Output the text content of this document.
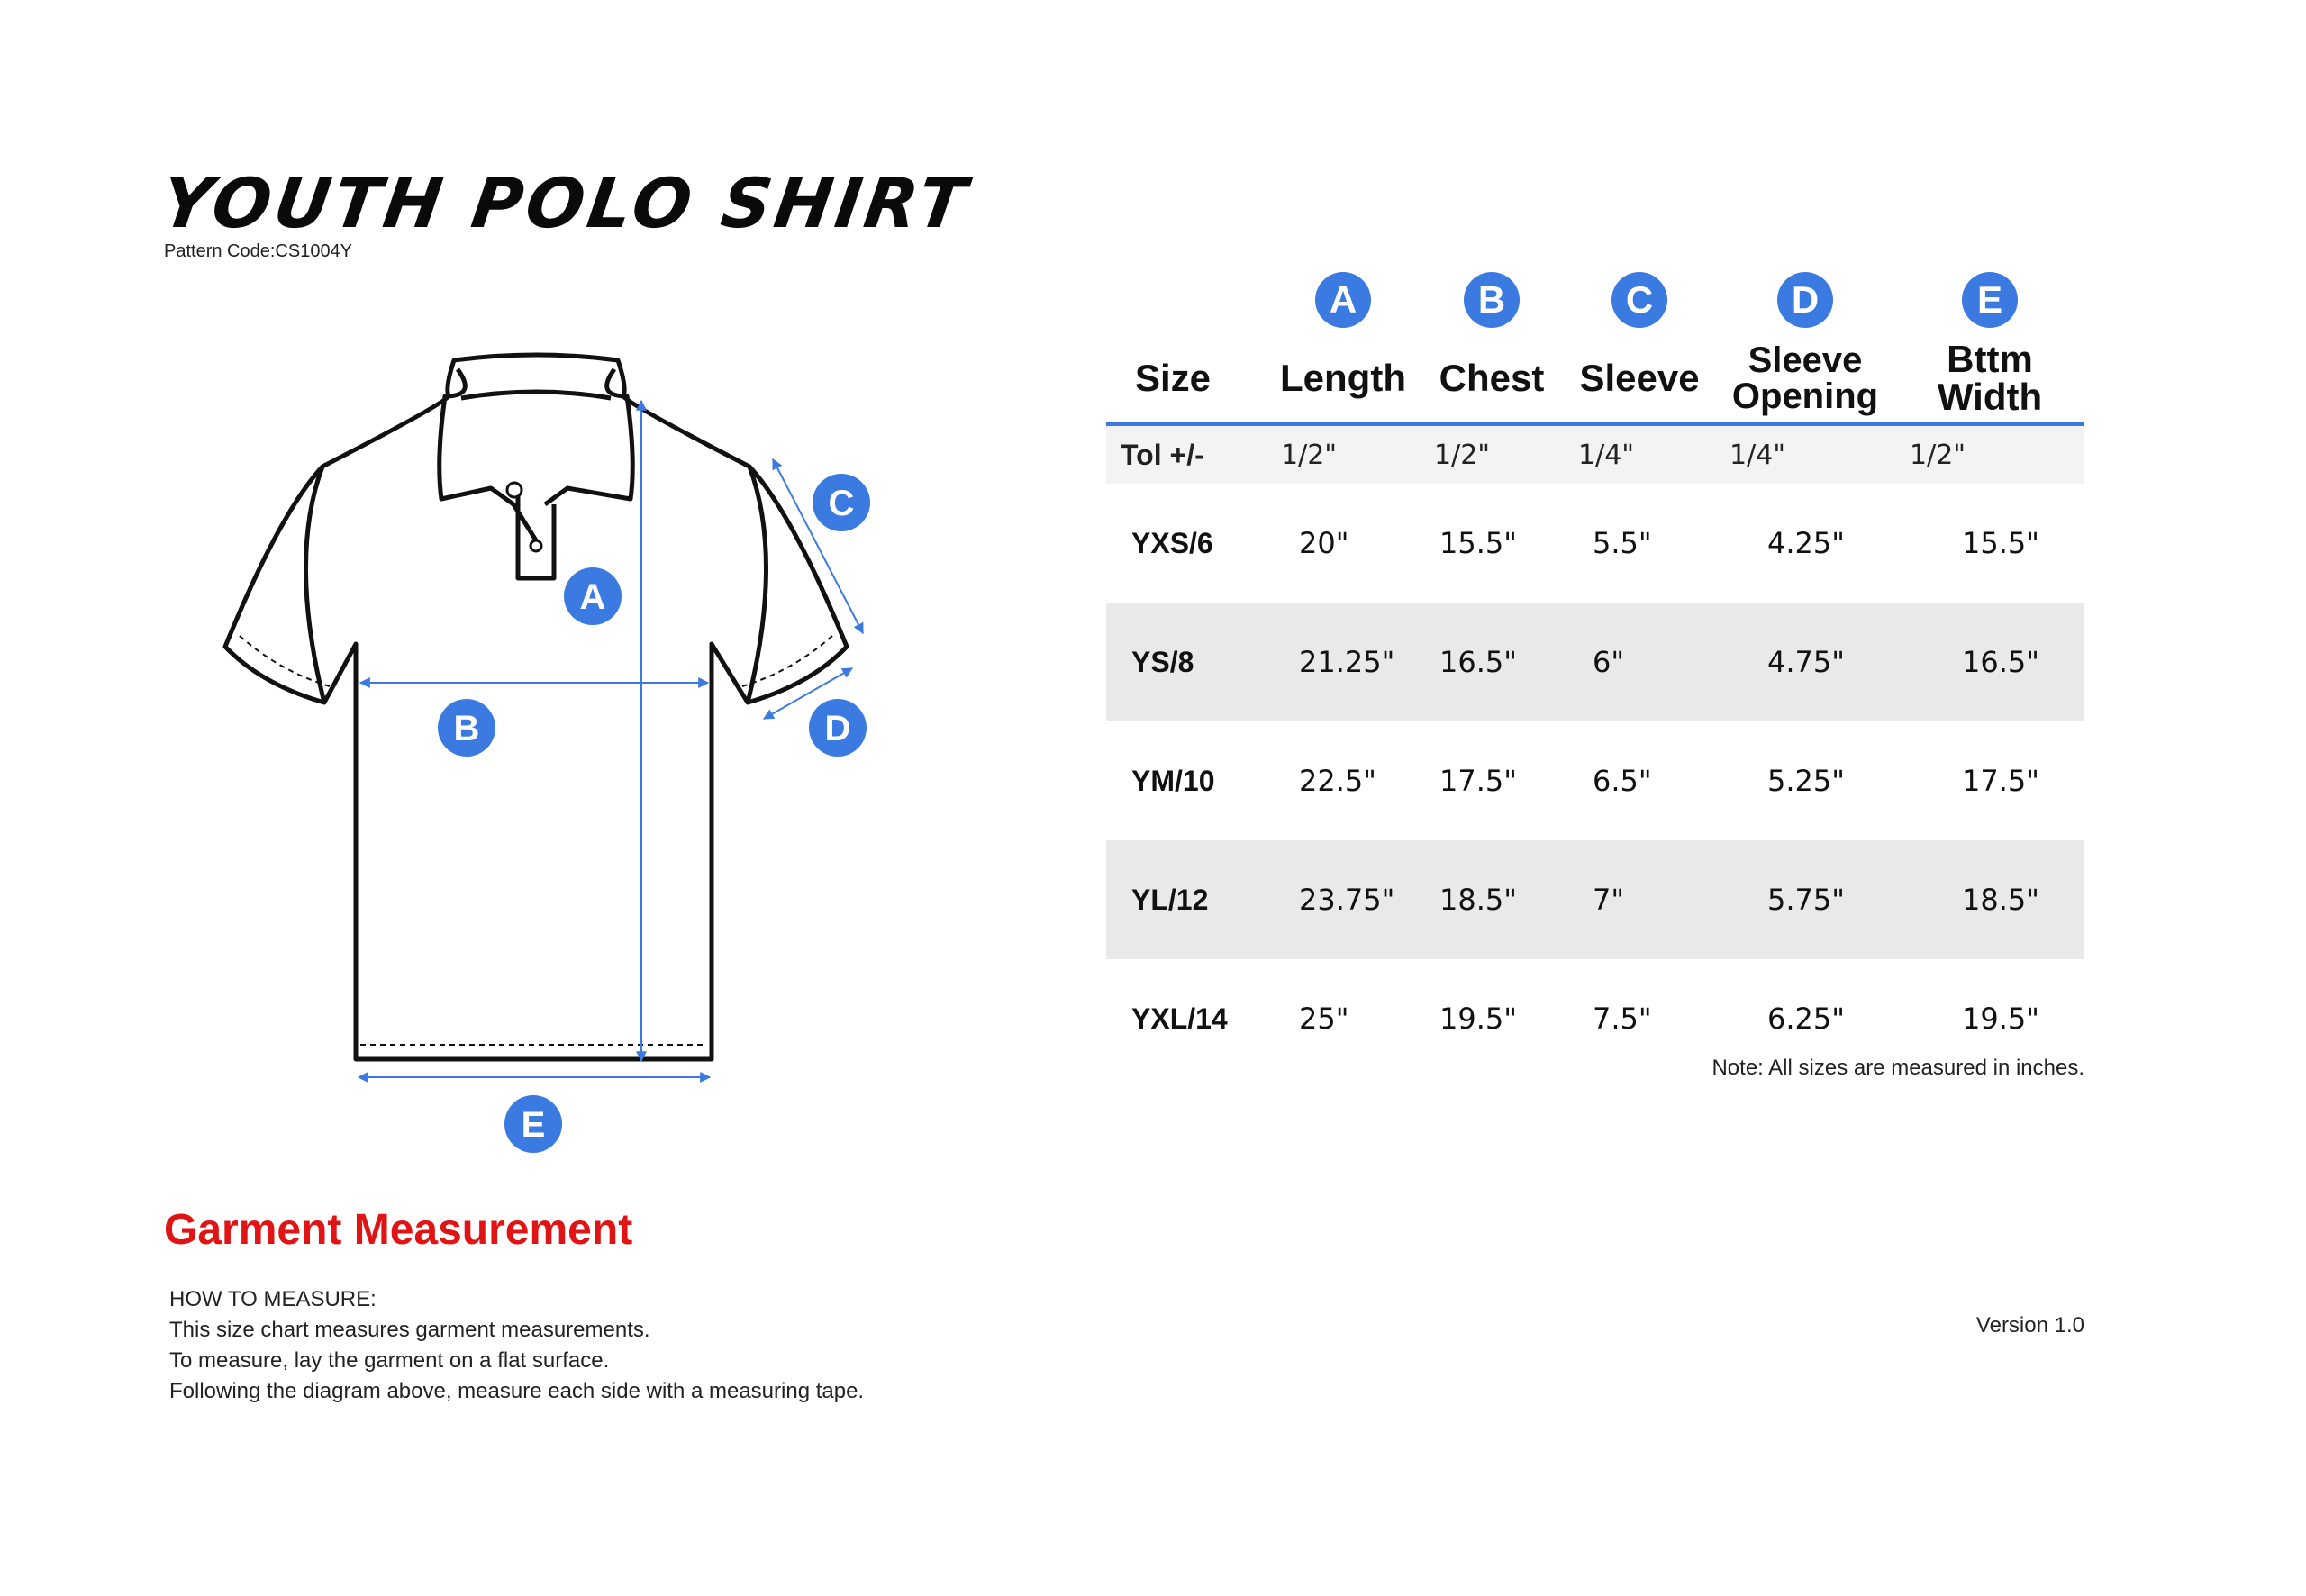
YOUTH POLO SHIRT
Pattern Code:CS1004Y
A
B
C
D
E
	A	B	C	D	E
Size	Length	Chest	Sleeve	Sleeve Opening	Bttm Width
Tol +/-	1/2"	1/2"	1/4"	1/4"	1/2"
YXS/6	20"	15.5"	5.5"	4.25"	15.5"
YS/8	21.25"	16.5"	6"	4.75"	16.5"
YM/10	22.5"	17.5"	6.5"	5.25"	17.5"
YL/12	23.75"	18.5"	7"	5.75"	18.5"
YXL/14	25"	19.5"	7.5"	6.25"	19.5"
Note: All sizes are measured in inches.
Garment Measurement
HOW TO MEASURE:
This size chart measures garment measurements.
To measure, lay the garment on a flat surface.
Following the diagram above, measure each side with a measuring tape.
Version 1.0
